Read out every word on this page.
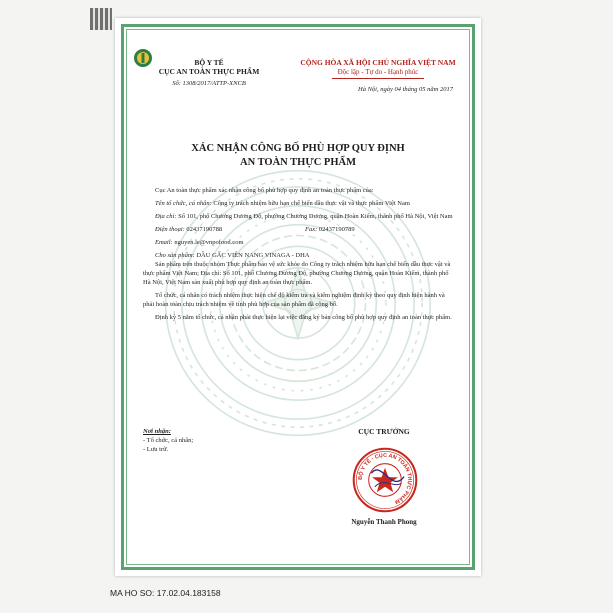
BỘ Y TẾ
CỤC AN TOÀN THỰC PHẨM
Số: 1308/2017/ATTP-XNCB
CỘNG HÒA XÃ HỘI CHỦ NGHĨA VIỆT NAM
Độc lập - Tự do - Hạnh phúc
Hà Nội, ngày 04 tháng 05 năm 2017
XÁC NHẬN CÔNG BỐ PHÙ HỢP QUY ĐỊNH
AN TOÀN THỰC PHẨM

Cục An toàn thực phẩm xác nhận công bố phù hợp quy định an toàn thực phẩm của:

Tên tổ chức, cá nhân: Công ty trách nhiệm hữu hạn chế biến dầu thực vật và thực phẩm Việt Nam

Địa chỉ: Số 101, phố Chương Dương Độ, phường Chương Dương, quận Hoàn Kiếm, thành phố Hà Nội, Việt Nam

Điện thoại: 02437190788	Fax: 02437190789

Email: nguyen.le@vnpofood.com

Cho sản phẩm: DẦU GẤC VIÊN NANG VINAGA - DHA

Sản phẩm trên thuộc nhóm Thực phẩm bảo vệ sức khỏe do Công ty trách nhiệm hữu hạn chế biến dầu thực vật và thực phẩm Việt Nam; Địa chỉ: Số 101, phố Chương Dương Độ, phường Chương Dương, quận Hoàn Kiếm, thành phố Hà Nội, Việt Nam sản xuất phù hợp quy định an toàn thực phẩm.

Tổ chức, cá nhân có trách nhiệm thực hiện chế độ kiểm tra và kiểm nghiệm định kỳ theo quy định hiện hành và phải hoàn toàn chịu trách nhiệm về tính phù hợp của sản phẩm đã công bố.

Định kỳ 5 năm tổ chức, cá nhân phải thực hiện lại việc đăng ký bản công bố phù hợp quy định an toàn thực phẩm.

Nơi nhận:
- Tổ chức, cá nhân;
- Lưu trữ.
CỤC TRƯỞNG
BỘ Y TẾ · CỤC AN TOÀN THỰC PHẨM
Nguyễn Thanh Phong
MA HO SO: 17.02.04.183158
